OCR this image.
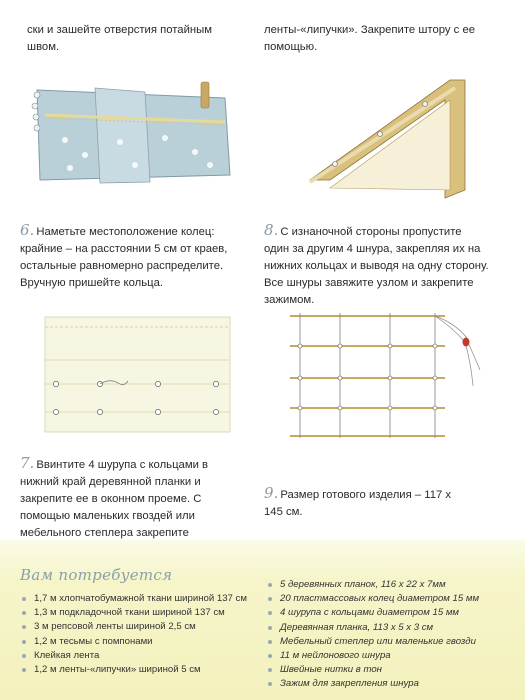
ски и зашейте отверстия потайным швом.
ленты-«липучки». Закрепите штору с ее помощью.
6. Наметьте местоположение колец: крайние – на расстоянии 5 см от краев, остальные равномерно распределите. Вручную пришейте кольца.
8. С изнаночной стороны пропустите один за другим 4 шнура, закрепляя их на нижних кольцах и выводя на одну сторону. Все шнуры завяжите узлом и закрепите зажимом.
7. Ввинтите 4 шурупа с кольцами в нижний край деревянной планки и закрепите ее в оконном проеме. С помощью маленьких гвоздей или мебельного степлера закрепите
9. Размер готового изделия – 117 x 145 см.
Вам потребуется
1,7 м хлопчатобумажной ткани шириной 137 см
1,3 м подкладочной ткани шириной 137 см
3 м репсовой ленты шириной 2,5 см
1,2 м тесьмы с помпонами
Клейкая лента
1,2 м ленты-«липучки» шириной 5 см
5 деревянных планок, 116 x 22 x 7мм
20 пластмассовых колец диаметром 15 мм
4 шурупа с кольцами диаметром 15 мм
Деревянная планка, 113 x 5 x 3 см
Мебельный степлер или маленькие гвозди
11 м нейлонового шнура
Швейные нитки в тон
Зажим для закрепления шнура
